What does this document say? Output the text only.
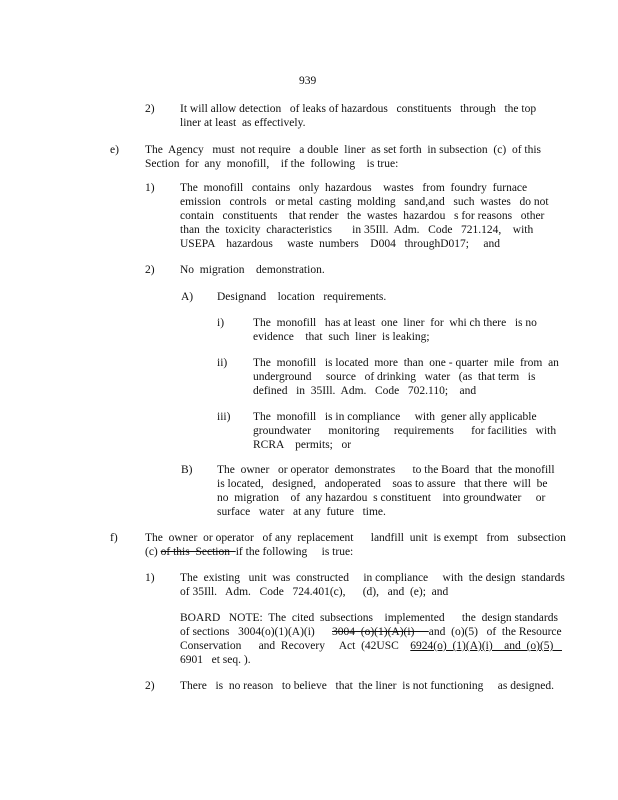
939
2) It will allow detection   of leaks of hazardous   constituents   through   the top
liner at least  as effectively.
e) The  Agency   must  not require   a double  liner  as set forth  in subsection  (c)  of this
Section  for  any  monofill,    if the  following    is true:
1) The  monofill   contains   only  hazardous    wastes   from  foundry  furnace
emission   controls   or metal  casting  molding   sand,and   such  wastes   do not
contain   constituents    that render   the  wastes  hazardou   s for reasons   other
than  the  toxicity  characteristics       in 35Ill.  Adm.   Code   721.124,    with
USEPA    hazardous     waste  numbers    D004   throughD017;     and
2) No  migration    demonstration.
A) Designand    location   requirements.
i)	The  monofill   has at least  one  liner  for  whi ch there   is no
evidence    that  such  liner  is leaking;
ii) The  monofill   is located  more  than  one - quarter  mile  from  an
underground     source   of drinking   water   (as  that term   is
defined   in  35Ill.  Adm.   Code   702.110;    and
iii) The  monofill   is in compliance     with  gener ally applicable
groundwater      monitoring     requirements      for facilities   with
RCRA    permits;   or
B) The  owner   or operator  demonstrates      to the Board  that  the monofill
is located,   designed,   andoperated    soas to assure   that there  will  be
no  migration    of  any hazardou  s constituent    into groundwater     or
surface   water   at any  future   time.
f) The  owner  or operator   of any  replacement      landfill  unit  is exempt   from   subsection
(c) of this  Section  if the following     is true:
1) The  existing   unit  was  constructed     in compliance     with  the design  standards
of 35Ill.   Adm.   Code   724.401(c),      (d),   and  (e);  and
BOARD   NOTE:  The  cited  subsections    implemented      the  design standards
of sections   3004(o)(1)(A)(i)      3004  (o)(1)(A)(i)     and  (o)(5)   of  the Resource
Conservation      and  Recovery     Act  (42USC    6924(o)  (1)(A)(i)    and  (o)(5)
6901   et seq. ).
2) There   is  no reason   to believe   that  the liner  is not functioning     as designed.
